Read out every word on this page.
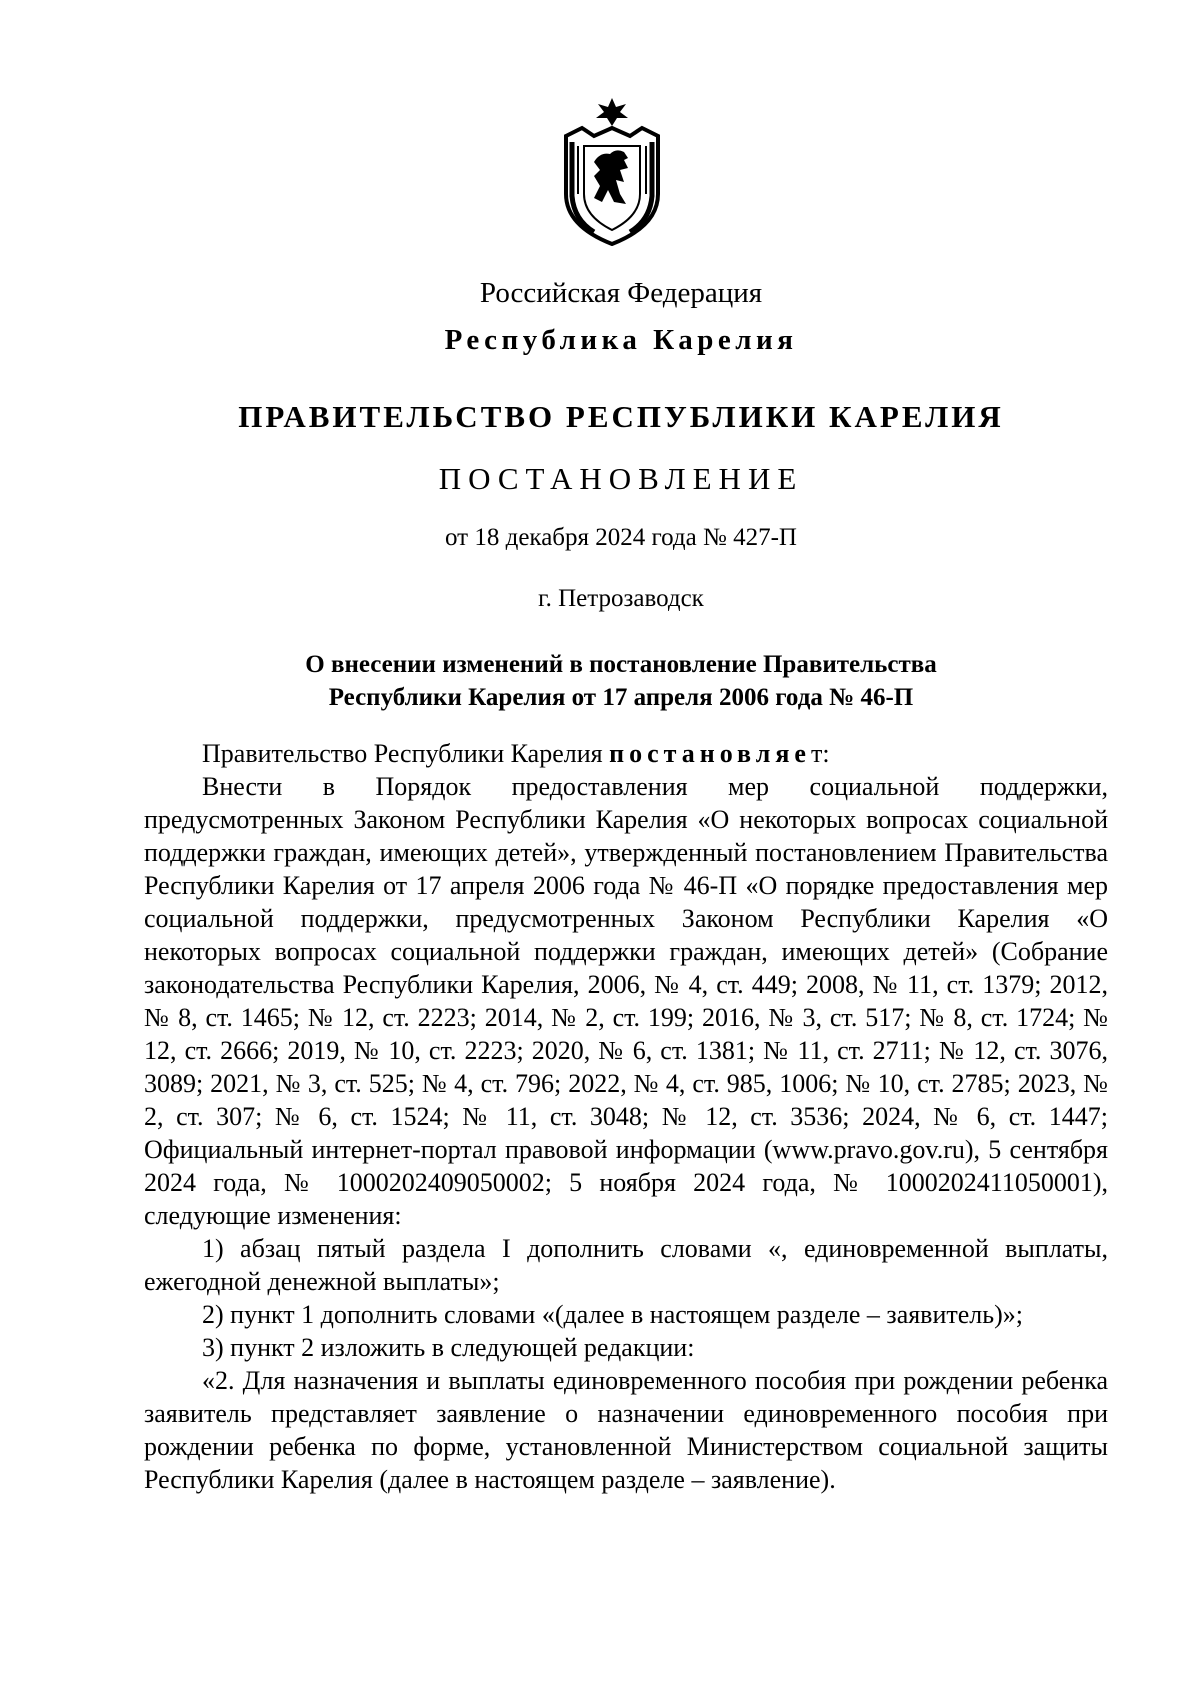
Российская Федерация
Республика Карелия
ПРАВИТЕЛЬСТВО РЕСПУБЛИКИ КАРЕЛИЯ
ПОСТАНОВЛЕНИЕ
от 18 декабря 2024 года № 427-П
г. Петрозаводск
О внесении изменений в постановление Правительства
Республики Карелия от 17 апреля 2006 года № 46-П

Правительство Республики Карелия постановляет:

Внести в Порядок предоставления мер социальной поддержки, предусмотренных Законом Республики Карелия «О некоторых вопросах социальной поддержки граждан, имеющих детей», утвержденный постановлением Правительства Республики Карелия от 17 апреля 2006 года № 46-П «О порядке предоставления мер социальной поддержки, предусмотренных Законом Республики Карелия «О некоторых вопросах социальной поддержки граждан, имеющих детей» (Собрание законодательства Республики Карелия, 2006, № 4, ст. 449; 2008, № 11, ст. 1379; 2012, № 8, ст. 1465; № 12, ст. 2223; 2014, № 2, ст. 199; 2016, № 3, ст. 517; № 8, ст. 1724; № 12, ст. 2666; 2019, № 10, ст. 2223; 2020, № 6, ст. 1381; № 11, ст. 2711; № 12, ст. 3076, 3089; 2021, № 3, ст. 525; № 4, ст. 796; 2022, № 4, ст. 985, 1006; № 10, ст. 2785; 2023, № 2, ст. 307; № 6, ст. 1524; № 11, ст. 3048; № 12, ст. 3536; 2024, № 6, ст. 1447; Официальный интернет-портал правовой информации (www.pravo.gov.ru), 5 сентября 2024 года, № 1000202409050002; 5 ноября 2024 года, № 1000202411050001), следующие изменения:

1) абзац пятый раздела I дополнить словами «, единовременной выплаты, ежегодной денежной выплаты»;

2) пункт 1 дополнить словами «(далее в настоящем разделе – заявитель)»;

3) пункт 2 изложить в следующей редакции:

«2. Для назначения и выплаты единовременного пособия при рождении ребенка заявитель представляет заявление о назначении единовременного пособия при рождении ребенка по форме, установленной Министерством социальной защиты Республики Карелия (далее в настоящем разделе – заявление).
